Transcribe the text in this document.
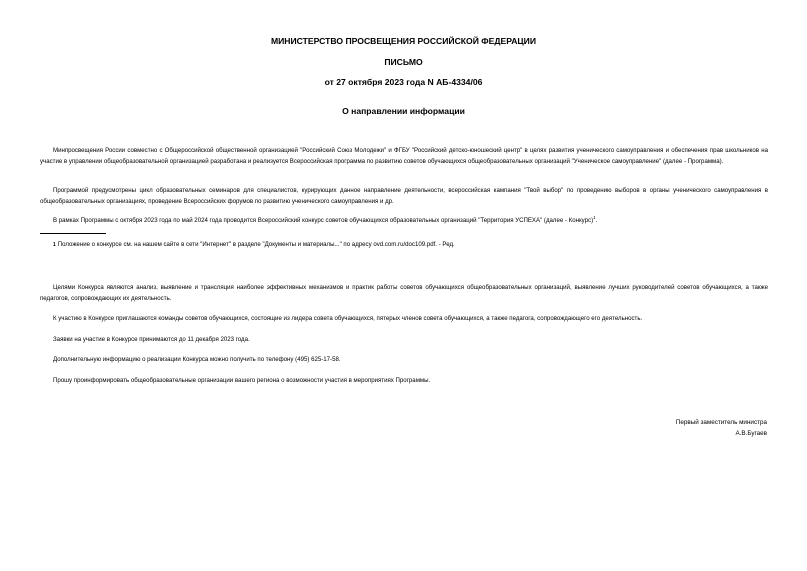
МИНИСТЕРСТВО ПРОСВЕЩЕНИЯ РОССИЙСКОЙ ФЕДЕРАЦИИ
ПИСЬМО
от 27 октября 2023 года N АБ-4334/06
О направлении информации
Минпросвещения России совместно с Общероссийской общественной организацией "Российский Союз Молодежи" и ФГБУ "Российский детско-юношеский центр" в целях развития ученического самоуправления и обеспечения прав школьников на участие в управлении общеобразовательной организацией разработана и реализуется Всероссийская программа по развитию советов обучающихся общеобразовательных организаций "Ученическое самоуправление" (далее - Программа).
Программой предусмотрены цикл образовательных семинаров для специалистов, курирующих данное направление деятельности, всероссийская кампания "Твой выбор" по проведению выборов в органы ученического самоуправления в общеобразовательных организациях, проведение Всероссийских форумов по развитию ученического самоуправления и др.
В рамках Программы с октября 2023 года по май 2024 года проводится Всероссийский конкурс советов обучающихся образовательных организаций "Территория УСПЕХА" (далее - Конкурс)$^1$.
1 Положение о конкурсе см. на нашем сайте в сети "Интернет" в разделе "Документы и материалы..." по адресу ovd.com.ru/doc109.pdf. - Ред.
Целями Конкурса являются анализ, выявление и трансляция наиболее эффективных механизмов и практик работы советов обучающихся общеобразовательных организаций, выявление лучших руководителей советов обучающихся, а также педагогов, сопровождающих их деятельность.
К участию в Конкурсе приглашаются команды советов обучающихся, состоящие из лидера совета обучающихся, пятерых членов совета обучающихся, а также педагога, сопровождающего его деятельность.
Заявки на участие в Конкурсе принимаются до 11 декабря 2023 года.
Дополнительную информацию о реализации Конкурса можно получить по телефону (495) 625-17-58.
Прошу проинформировать общеобразовательные организации вашего региона о возможности участия в мероприятиях Программы.
Первый заместитель министра
А.В.Бугаев
